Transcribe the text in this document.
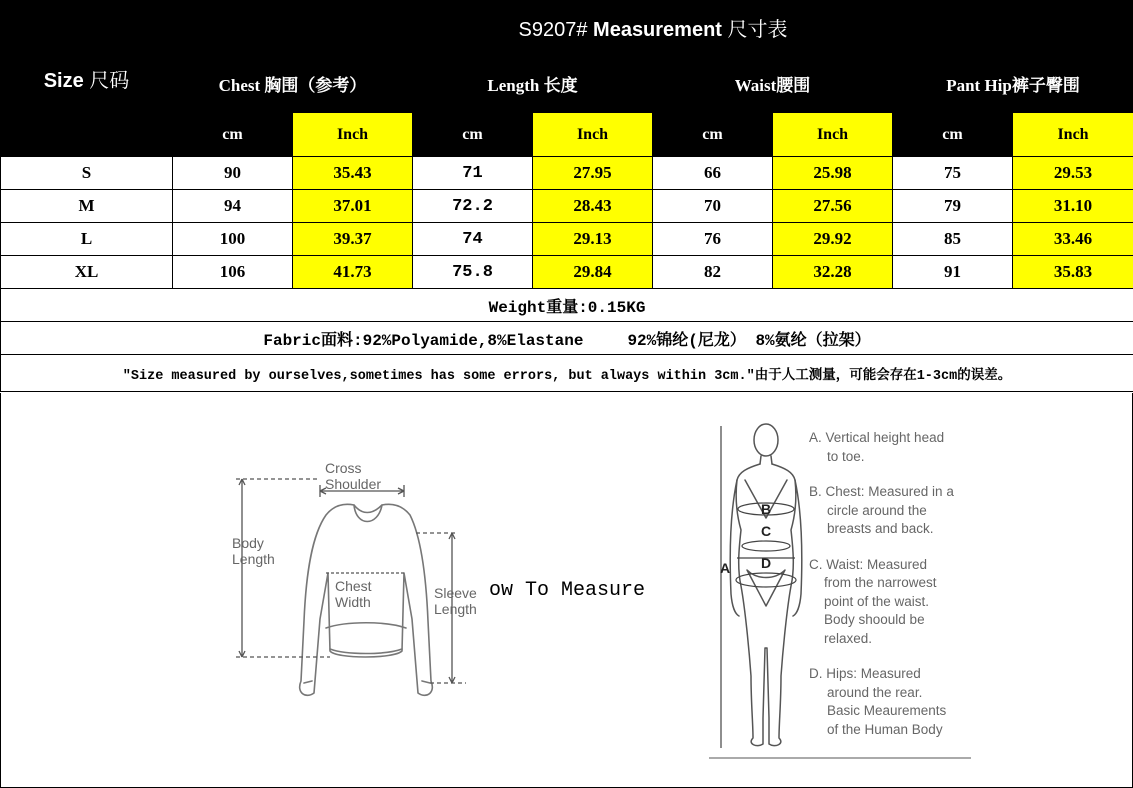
Size 尺码	S9207# Measurement 尺寸表							
	Chest 胸围（参考）		Length 长度		Waist腰围		Pant Hip裤子臀围	
	cm	Inch	cm	Inch	cm	Inch	cm	Inch
S	90	35.43	71	27.95	66	25.98	75	29.53
M	94	37.01	72.2	28.43	70	27.56	79	31.10
L	100	39.37	74	29.13	76	29.92	85	33.46
XL	106	41.73	75.8	29.84	82	32.28	91	35.83
Weight重量:0.15KG								
Fabric面料:92%Polyamide,8%Elastane 92%锦纶(尼龙） 8%氨纶（拉架）								
"Size measured by ourselves,sometimes has some errors, but always within 3cm."由于人工测量，可能会存在1-3cm的误差。								
Cross
Shoulder
Body
Length
Chest
Width
Sleeve
Length
ow To Measure
B
C
D
A

A. Vertical height head
to toe.

B. Chest: Measured in a
circle around the
breasts and back.

C. Waist: Measured
from the narrowest
point of the waist.
Body shoould be
relaxed.

D. Hips: Measured
around the rear.
Basic Meaurements
of the Human Body
